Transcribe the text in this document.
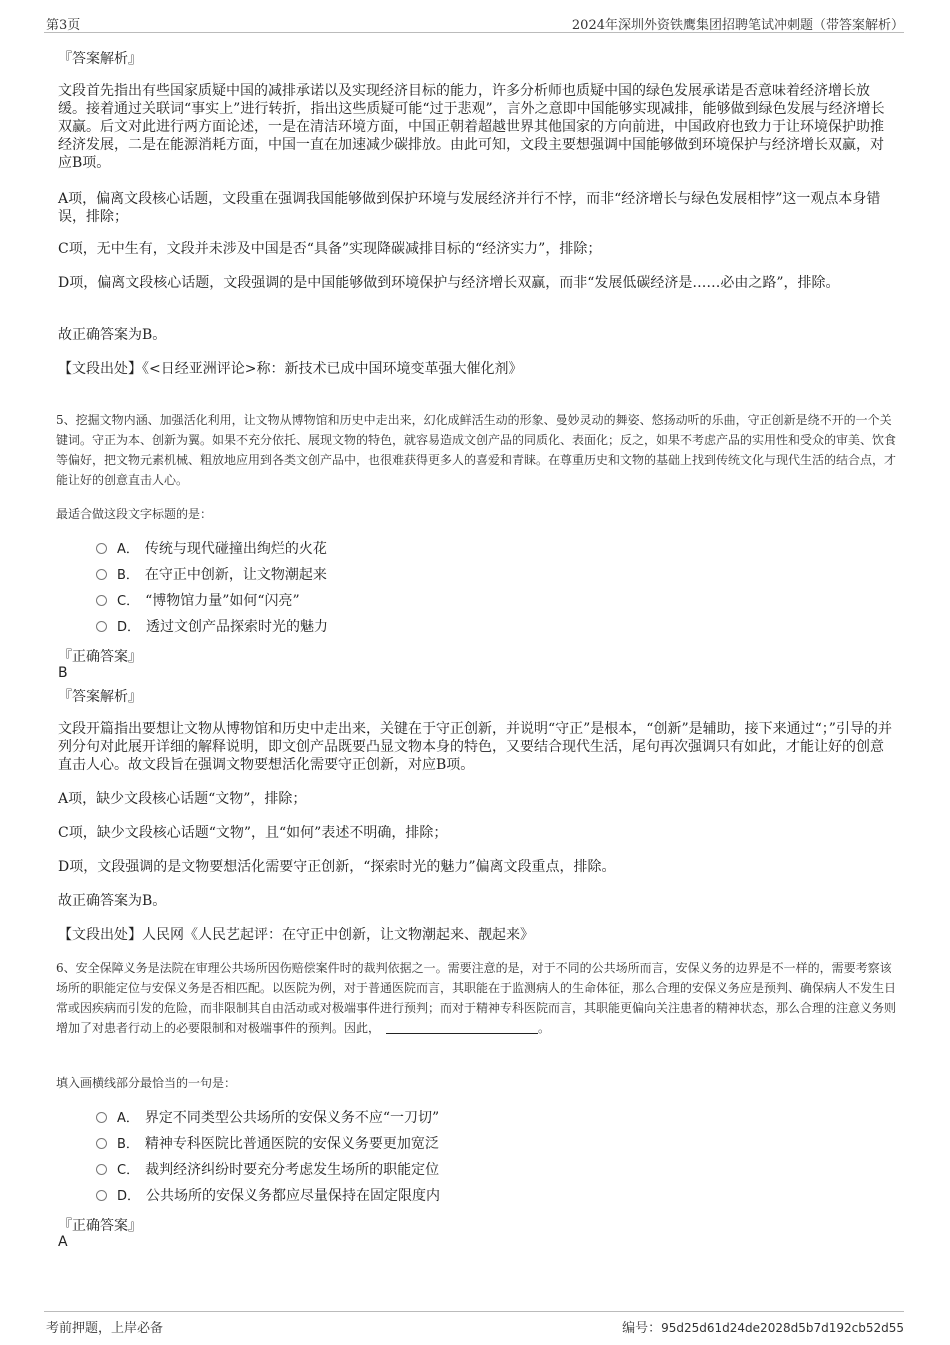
第3页	2024年深圳外资铁鹰集团招聘笔试冲刺题（带答案解析）
『答案解析』
文段首先指出有些国家质疑中国的减排承诺以及实现经济目标的能力，许多分析师也质疑中国的绿色发展承诺是否意味着经济增长放缓。接着通过关联词“事实上”进行转折，指出这些质疑可能“过于悲观”，言外之意即中国能够实现减排，能够做到绿色发展与经济增长双赢。后文对此进行两方面论述，一是在清洁环境方面，中国正朝着超越世界其他国家的方向前进，中国政府也致力于让环境保护助推经济发展，二是在能源消耗方面，中国一直在加速减少碳排放。由此可知，文段主要想强调中国能够做到环境保护与经济增长双赢，对应B项。
A项，偏离文段核心话题，文段重在强调我国能够做到保护环境与发展经济并行不悖，而非“经济增长与绿色发展相悖”这一观点本身错误，排除；
C项，无中生有，文段并未涉及中国是否“具备”实现降碳减排目标的“经济实力”，排除；
D项，偏离文段核心话题，文段强调的是中国能够做到环境保护与经济增长双赢，而非“发展低碳经济是……必由之路”，排除。
故正确答案为B。
【文段出处】《<日经亚洲评论>称：新技术已成中国环境变革强大催化剂》
5、挖掘文物内涵、加强活化利用，让文物从博物馆和历史中走出来，幻化成鲜活生动的形象、曼妙灵动的舞姿、悠扬动听的乐曲，守正创新是绕不开的一个关键词。守正为本、创新为翼。如果不充分依托、展现文物的特色，就容易造成文创产品的同质化、表面化；反之，如果不考虑产品的实用性和受众的审美、饮食等偏好，把文物元素机械、粗放地应用到各类文创产品中，也很难获得更多人的喜爱和青睐。在尊重历史和文物的基础上找到传统文化与现代生活的结合点，才能让好的创意直击人心。
最适合做这段文字标题的是：
A． 传统与现代碰撞出绚烂的火花
B． 在守正中创新，让文物潮起来
C． “博物馆力量”如何“闪亮”
D． 透过文创产品探索时光的魅力
『正确答案』
B
『答案解析』
文段开篇指出要想让文物从博物馆和历史中走出来，关键在于守正创新，并说明“守正”是根本，“创新”是辅助，接下来通过“；”引导的并列分句对此展开详细的解释说明，即文创产品既要凸显文物本身的特色，又要结合现代生活，尾句再次强调只有如此，才能让好的创意直击人心。故文段旨在强调文物要想活化需要守正创新，对应B项。
A项，缺少文段核心话题“文物”，排除；
C项，缺少文段核心话题“文物”，且“如何”表述不明确，排除；
D项，文段强调的是文物要想活化需要守正创新，“探索时光的魅力”偏离文段重点，排除。
故正确答案为B。
【文段出处】人民网《人民艺起评：在守正中创新，让文物潮起来、靓起来》
6、安全保障义务是法院在审理公共场所因伤赔偿案件时的裁判依据之一。需要注意的是，对于不同的公共场所而言，安保义务的边界是不一样的，需要考察该场所的职能定位与安保义务是否相匹配。以医院为例，对于普通医院而言，其职能在于监测病人的生命体征，那么合理的安保义务应是预判、确保病人不发生日常或因疾病而引发的危险，而非限制其自由活动或对极端事件进行预判；而对于精神专科医院而言，其职能更偏向关注患者的精神状态，那么合理的注意义务则增加了对患者行动上的必要限制和对极端事件的预判。因此，	。
填入画横线部分最恰当的一句是：
A． 界定不同类型公共场所的安保义务不应“一刀切”
B． 精神专科医院比普通医院的安保义务要更加宽泛
C． 裁判经济纠纷时要充分考虑发生场所的职能定位
D． 公共场所的安保义务都应尽量保持在固定限度内
『正确答案』
A
考前押题，上岸必备	编号：95d25d61d24de2028d5b7d192cb52d55
